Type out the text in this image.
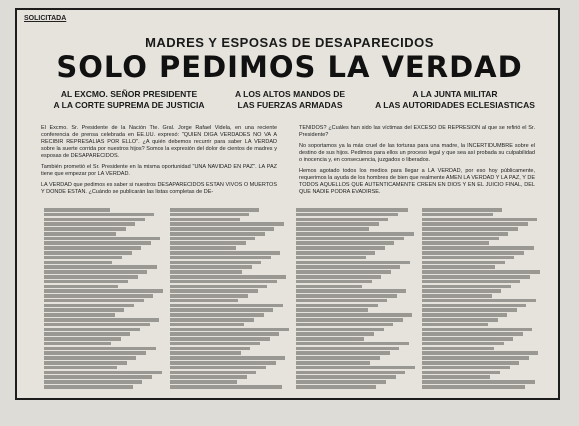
SOLICITADA
MADRES Y ESPOSAS DE DESAPARECIDOS
SOLO PEDIMOS LA VERDAD
AL EXCMO. SEÑOR PRESIDENTE
A LA CORTE SUPREMA DE JUSTICIA
A LOS ALTOS MANDOS DE
LAS FUERZAS ARMADAS
A LA JUNTA MILITAR
A LAS AUTORIDADES ECLESIASTICAS

El Excmo. Sr. Presidente de la Nación Tte. Gral. Jorge Rafael Videla, en una reciente conferencia de prensa celebrada en EE.UU. expresó: "QUIEN DIGA VERDADES NO VA A RECIBIR REPRESALIAS POR ELLO". ¿A quién debemos recurrir para saber LA VERDAD sobre la suerte corrida por nuestros hijos? Somos la expresión del dolor de cientos de madres y esposas de DESAPARECIDOS.

También prometió el Sr. Presidente en la misma oportunidad "UNA NAVIDAD EN PAZ". LA PAZ tiene que empezar por LA VERDAD.

LA VERDAD que pedimos es saber si nuestros DESAPARECIDOS ESTAN VIVOS O MUERTOS Y DONDE ESTAN. ¿Cuándo se publicarán las listas completas de DE-

TENIDOS? ¿Cuáles han sido las víctimas del EXCESO DE REPRESION al que se refirió el Sr. Presidente?

No soportamos ya la más cruel de las torturas para una madre, la INCERTIDUMBRE sobre el destino de sus hijos. Pedimos para ellos un proceso legal y que sea así probada su culpabilidad o inocencia y, en consecuencia, juzgados o liberados.

Hemos agotado todos los medios para llegar a LA VERDAD, por eso hoy públicamente, requerimos la ayuda de los hombres de bien que realmente AMEN LA VERDAD Y LA PAZ, Y DE TODOS AQUELLOS QUE AUTENTICAMENTE CREEN EN DIOS Y EN EL JUICIO FINAL, DEL QUE NADIE PODRA EVADIRSE.
